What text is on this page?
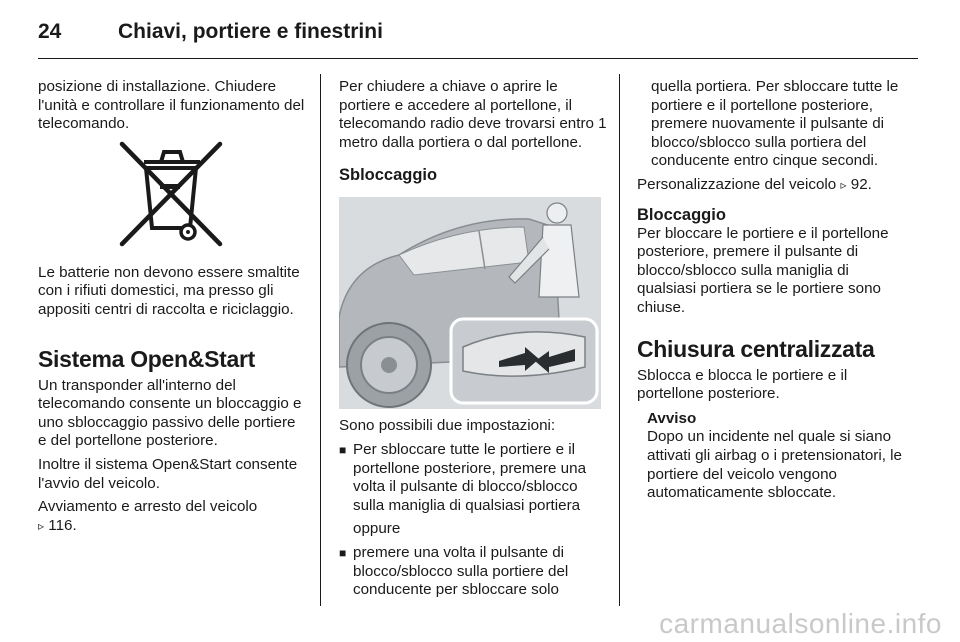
24	Chiavi, portiere e finestrini

posizione di installazione. Chiudere l'unità e controllare il funzionamento del telecomando.

Le batterie non devono essere smaltite con i rifiuti domestici, ma presso gli appositi centri di raccolta e riciclaggio.

Sistema Open&Start

Un transponder all'interno del telecomando consente un bloccaggio e uno sbloccaggio passivo delle portiere e del portellone posteriore.

Inoltre il sistema Open&Start consente l'avvio del veicolo.

Avviamento e arresto del veicolo
▹ 116.

Per chiudere a chiave o aprire le portiere e accedere al portellone, il telecomando radio deve trovarsi entro 1 metro dalla portiera o dal portellone.

Sbloccaggio

Sono possibili due impostazioni:

■ Per sbloccare tutte le portiere e il portellone posteriore, premere una volta il pulsante di blocco/sblocco sulla maniglia di qualsiasi portiera

oppure

■ premere una volta il pulsante di blocco/sblocco sulla portiere del conducente per sbloccare solo

quella portiera. Per sbloccare tutte le portiere e il portellone posteriore, premere nuovamente il pulsante di blocco/sblocco sulla portiera del conducente entro cinque secondi.

Personalizzazione del veicolo ▹ 92.

Bloccaggio

Per bloccare le portiere e il portellone posteriore, premere il pulsante di blocco/sblocco sulla maniglia di qualsiasi portiera se le portiere sono chiuse.

Chiusura centralizzata

Sblocca e blocca le portiere e il portellone posteriore.

Avviso
Dopo un incidente nel quale si siano attivati gli airbag o i pretensionatori, le portiere del veicolo vengono automaticamente sbloccate.
carmanualsonline.info
